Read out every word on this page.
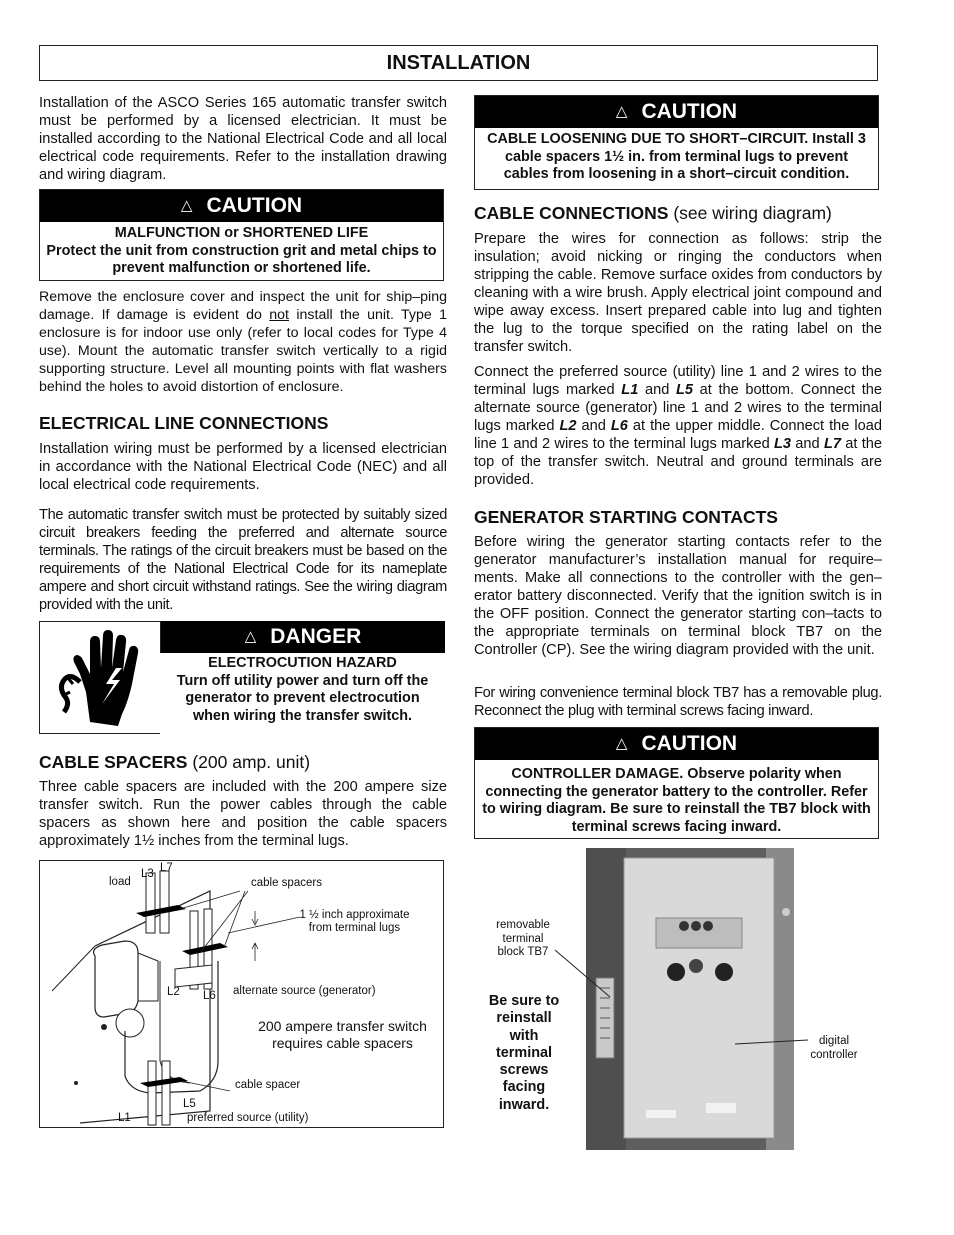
INSTALLATION
Installation of the ASCO Series 165 automatic transfer switch must be performed by a licensed electrician. It must be installed according to the National Electrical Code and all local electrical code requirements. Refer to the installation drawing and wiring diagram.
△ CAUTION
MALFUNCTION or SHORTENED LIFE
Protect the unit from construction grit and metal chips to prevent malfunction or shortened life.
Remove the enclosure cover and inspect the unit for ship–ping damage. If damage is evident do not install the unit. Type 1 enclosure is for indoor use only (refer to local codes for Type 4 use). Mount the automatic transfer switch vertically to a rigid supporting structure. Level all mounting points with flat washers behind the holes to avoid distortion of enclosure.
ELECTRICAL LINE CONNECTIONS
Installation wiring must be performed by a licensed electrician in accordance with the National Electrical Code (NEC) and all local electrical code requirements.
The automatic transfer switch must be protected by suitably sized circuit breakers feeding the preferred and alternate source terminals. The ratings of the circuit breakers must be based on the requirements of the National Electrical Code for its nameplate ampere and short circuit withstand ratings. See the wiring diagram provided with the unit.
△ DANGER
ELECTROCUTION HAZARD
Turn off utility power and turn off the generator to prevent electrocution when wiring the transfer switch.
CABLE SPACERS (200 amp. unit)
Three cable spacers are included with the 200 ampere size transfer switch. Run the power cables through the cable spacers as shown here and position the cable spacers approximately 1½ inches from the terminal lugs.
load
L3 L7
cable spacers
1 ½ inch approximate
from terminal lugs
L2 L6 alternate source (generator)
200 ampere transfer switch
requires cable spacers
cable spacer
L1
L5
preferred source (utility)
△ CAUTION
CABLE LOOSENING DUE TO SHORT–CIRCUIT. Install 3 cable spacers 1½ in. from terminal lugs to prevent cables from loosening in a short–circuit condition.
CABLE CONNECTIONS (see wiring diagram)
Prepare the wires for connection as follows: strip the insulation; avoid nicking or ringing the conductors when stripping the cable. Remove surface oxides from conductors by cleaning with a wire brush. Apply electrical joint compound and wipe away excess. Insert prepared cable into lug and tighten the lug to the torque specified on the rating label on the transfer switch.
Connect the preferred source (utility) line 1 and 2 wires to the terminal lugs marked L1 and L5 at the bottom. Connect the alternate source (generator) line 1 and 2 wires to the terminal lugs marked L2 and L6 at the upper middle. Connect the load line 1 and 2 wires to the terminal lugs marked L3 and L7 at the top of the transfer switch. Neutral and ground terminals are provided.
GENERATOR STARTING CONTACTS
Before wiring the generator starting contacts refer to the generator manufacturer’s installation manual for require–ments. Make all connections to the controller with the gen–erator battery disconnected. Verify that the ignition switch is in the OFF position. Connect the generator starting con–tacts to the appropriate terminals on terminal block TB7 on the Controller (CP). See the wiring diagram provided with the unit.
For wiring convenience terminal block TB7 has a removable plug. Reconnect the plug with terminal screws facing inward.
△ CAUTION
CONTROLLER DAMAGE. Observe polarity when connecting the generator battery to the controller. Refer to wiring diagram. Be sure to reinstall the TB7 block with terminal screws facing inward.
removable
terminal
block TB7
Be sure to
reinstall
with
terminal
screws
facing
inward.
digital
controller
